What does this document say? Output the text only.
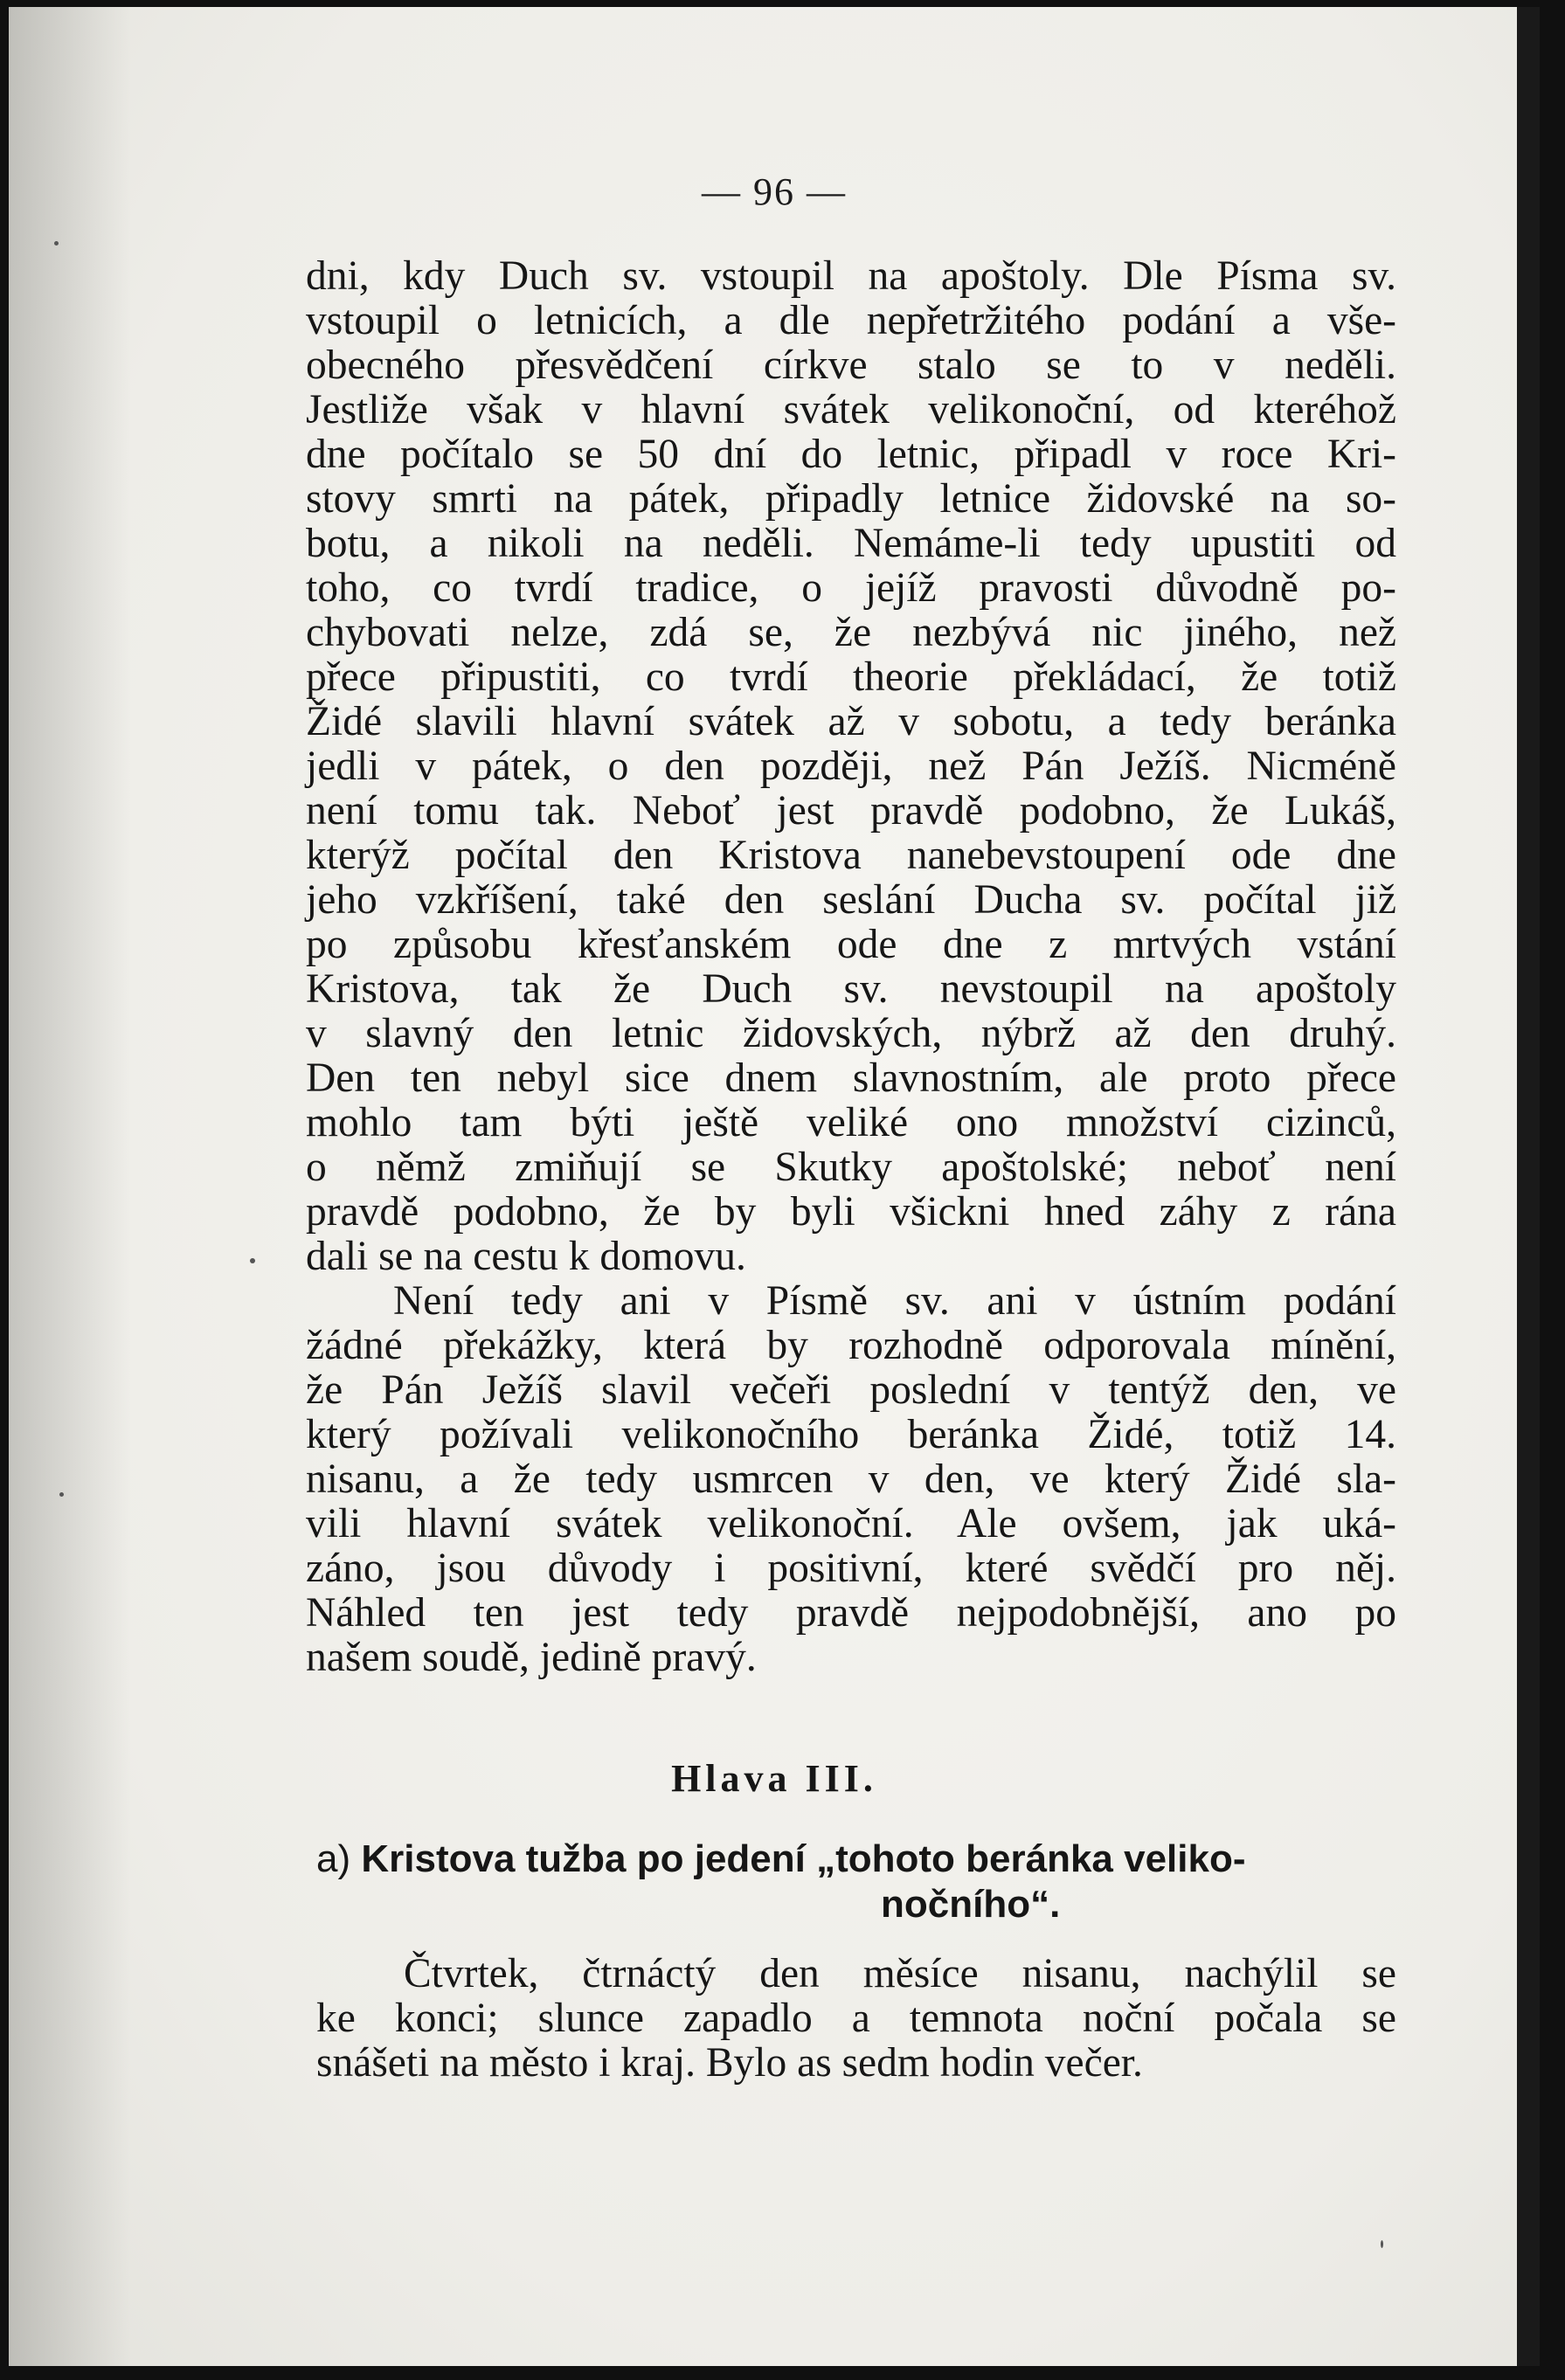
— 96 —

dni, kdy Duch sv. vstoupil na apoštoly. Dle Písma sv.

vstoupil o letnicích, a dle nepřetržitého podání a vše-

obecného přesvědčení církve stalo se to v neděli.

Jestliže však v hlavní svátek velikonoční, od kteréhož

dne počítalo se 50 dní do letnic, připadl v roce Kri-

stovy smrti na pátek, připadly letnice židovské na so-

botu, a nikoli na neděli. Nemáme-li tedy upustiti od

toho, co tvrdí tradice, o jejíž pravosti důvodně po-

chybovati nelze, zdá se, že nezbývá nic jiného, než

přece připustiti, co tvrdí theorie překládací, že totiž

Židé slavili hlavní svátek až v sobotu, a tedy beránka

jedli v pátek, o den později, než Pán Ježíš. Nicméně

není tomu tak. Neboť jest pravdě podobno, že Lukáš,

kterýž počítal den Kristova nanebevstoupení ode dne

jeho vzkříšení, také den seslání Ducha sv. počítal již

po způsobu křesťanském ode dne z mrtvých vstání

Kristova, tak že Duch sv. nevstoupil na apoštoly

v slavný den letnic židovských, nýbrž až den druhý.

Den ten nebyl sice dnem slavnostním, ale proto přece

mohlo tam býti ještě veliké ono množství cizinců,

o němž zmiňují se Skutky apoštolské; neboť není

pravdě podobno, že by byli všickni hned záhy z rána

dali se na cestu k domovu.

Není tedy ani v Písmě sv. ani v ústním podání

žádné překážky, která by rozhodně odporovala mínění,

že Pán Ježíš slavil večeři poslední v tentýž den, ve

který požívali velikonočního beránka Židé, totiž 14.

nisanu, a že tedy usmrcen v den, ve který Židé sla-

vili hlavní svátek velikonoční. Ale ovšem, jak uká-

záno, jsou důvody i positivní, které svědčí pro něj.

Náhled ten jest tedy pravdě nejpodobnější, ano po

našem soudě, jedině pravý.

Hlava III.
a) Kristova tužba po jedení „tohoto beránka veliko-
nočního“.

Čtvrtek, čtrnáctý den měsíce nisanu, nachýlil se

ke konci; slunce zapadlo a temnota noční počala se

snášeti na město i kraj. Bylo as sedm hodin večer.
